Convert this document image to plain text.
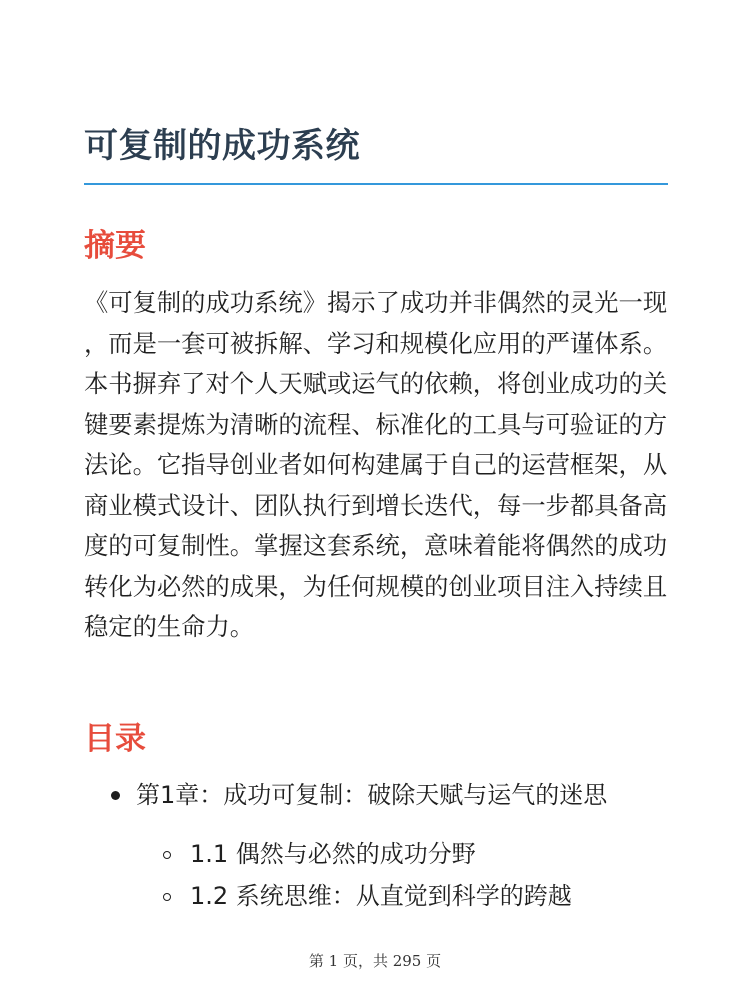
可复制的成功系统
摘要

《可复制的成功系统》揭示了成功并非偶然的灵光一现，而是一套可被拆解、学习和规模化应用的严谨体系。本书摒弃了对个人天赋或运气的依赖，将创业成功的关键要素提炼为清晰的流程、标准化的工具与可验证的方法论。它指导创业者如何构建属于自己的运营框架，从商业模式设计、团队执行到增长迭代，每一步都具备高度的可复制性。掌握这套系统，意味着能将偶然的成功转化为必然的成果，为任何规模的创业项目注入持续且稳定的生命力。

目录
第1章：成功可复制：破除天赋与运气的迷思
1.1 偶然与必然的成功分野
1.2 系统思维：从直觉到科学的跨越
第 1 页，共 295 页
